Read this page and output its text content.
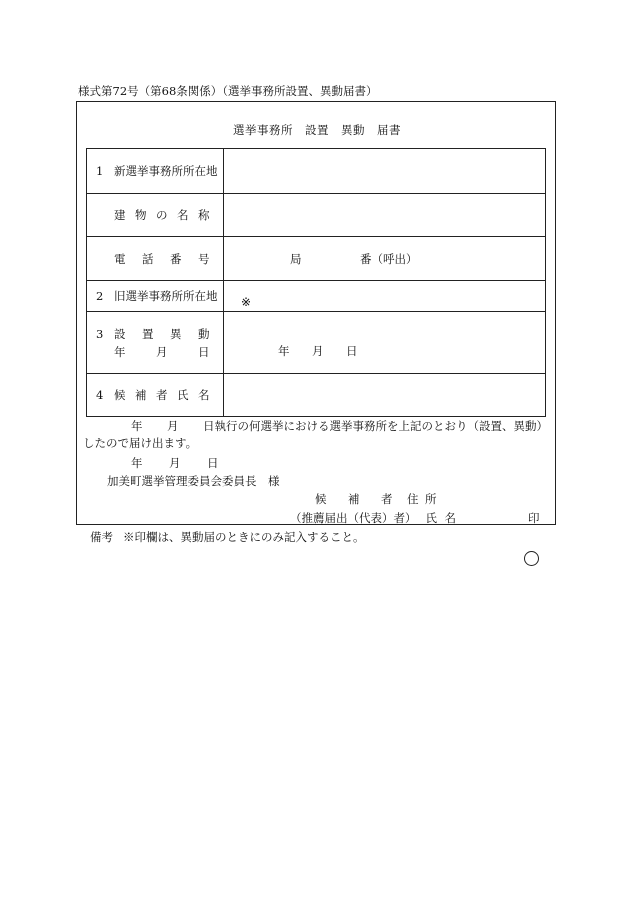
様式第72号（第68条関係）（選挙事務所設置、異動届書）
選挙事務所　設置　異動　届書
1 新選挙事務所所在地	
建 物 の 名 称	
電 話 番 号	局 番（呼出）

2 旧選挙事務所所在地	※

3 設 置 異 動
年 月 日	年 月 日

4 候 補 者 氏 名	
年 月 日執行の何選挙における選挙事務所を上記のとおり（設置、異動）
したので届け出ます。
年 月 日
加美町選挙管理委員会委員長　様
候 補 者 住 所
（推薦届出（代表）者） 氏 名	印
備考 ※印欄は、異動届のときにのみ記入すること。
